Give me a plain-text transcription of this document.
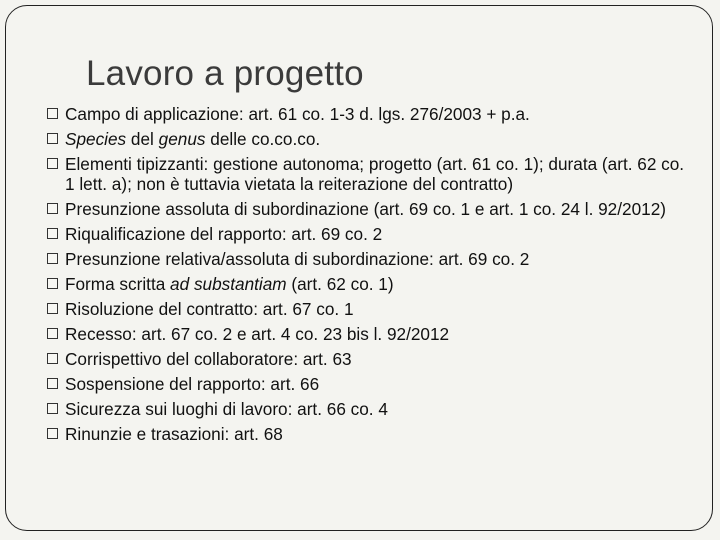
Lavoro a progetto
Campo di applicazione: art. 61 co. 1-3 d. lgs. 276/2003 + p.a.
Species del genus delle co.co.co.
Elementi tipizzanti: gestione autonoma; progetto (art. 61 co. 1); durata (art. 62 co. 1 lett. a); non è tuttavia vietata la reiterazione del contratto)
Presunzione assoluta di subordinazione (art. 69 co. 1 e art. 1 co. 24 l. 92/2012)
Riqualificazione del rapporto: art. 69 co. 2
Presunzione relativa/assoluta di subordinazione: art. 69 co. 2
Forma scritta ad substantiam (art. 62 co. 1)
Risoluzione del contratto: art. 67 co. 1
Recesso: art. 67 co. 2 e art. 4 co. 23 bis l. 92/2012
Corrispettivo del collaboratore: art. 63
Sospensione del rapporto: art. 66
Sicurezza sui luoghi di lavoro: art. 66 co. 4
Rinunzie e trasazioni: art. 68
